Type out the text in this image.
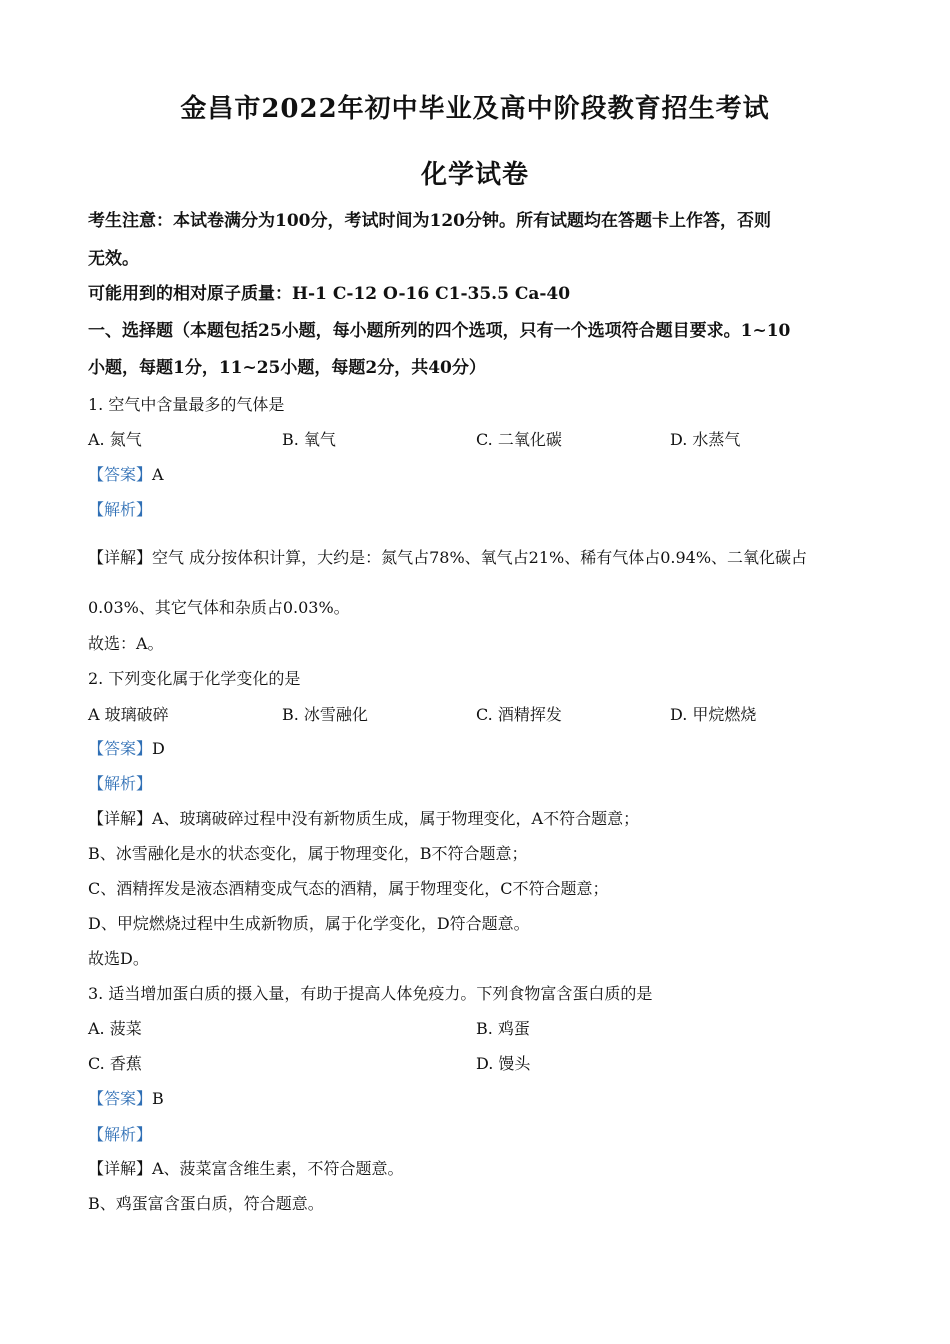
金昌市2022年初中毕业及高中阶段教育招生考试
化学试卷
考生注意：本试卷满分为100分，考试时间为120分钟。所有试题均在答题卡上作答，否则
无效。
可能用到的相对原子质量：H-1 C-12 O-16 C1-35.5 Ca-40
一、选择题（本题包括25小题，每小题所列的四个选项，只有一个选项符合题目要求。1~10
小题，每题1分，11~25小题，每题2分，共40分）
1. 空气中含量最多的气体是
A. 氮气	B. 氧气	C. 二氧化碳	D. 水蒸气
【答案】A
【解析】
【详解】空气 成分按体积计算，大约是：氮气占78%、氧气占21%、稀有气体占0.94%、二氧化碳占
0.03%、其它气体和杂质占0.03%。
故选：A。
2. 下列变化属于化学变化的是
A 玻璃破碎	B. 冰雪融化	C. 酒精挥发	D. 甲烷燃烧
【答案】D
【解析】
【详解】A、玻璃破碎过程中没有新物质生成，属于物理变化，A不符合题意；
B、冰雪融化是水的状态变化，属于物理变化，B不符合题意；
C、酒精挥发是液态酒精变成气态的酒精，属于物理变化，C不符合题意；
D、甲烷燃烧过程中生成新物质，属于化学变化，D符合题意。
故选D。
3. 适当增加蛋白质的摄入量，有助于提高人体免疫力。下列食物富含蛋白质的是
A. 菠菜	B. 鸡蛋
C. 香蕉	D. 馒头
【答案】B
【解析】
【详解】A、菠菜富含维生素，不符合题意。
B、鸡蛋富含蛋白质，符合题意。
